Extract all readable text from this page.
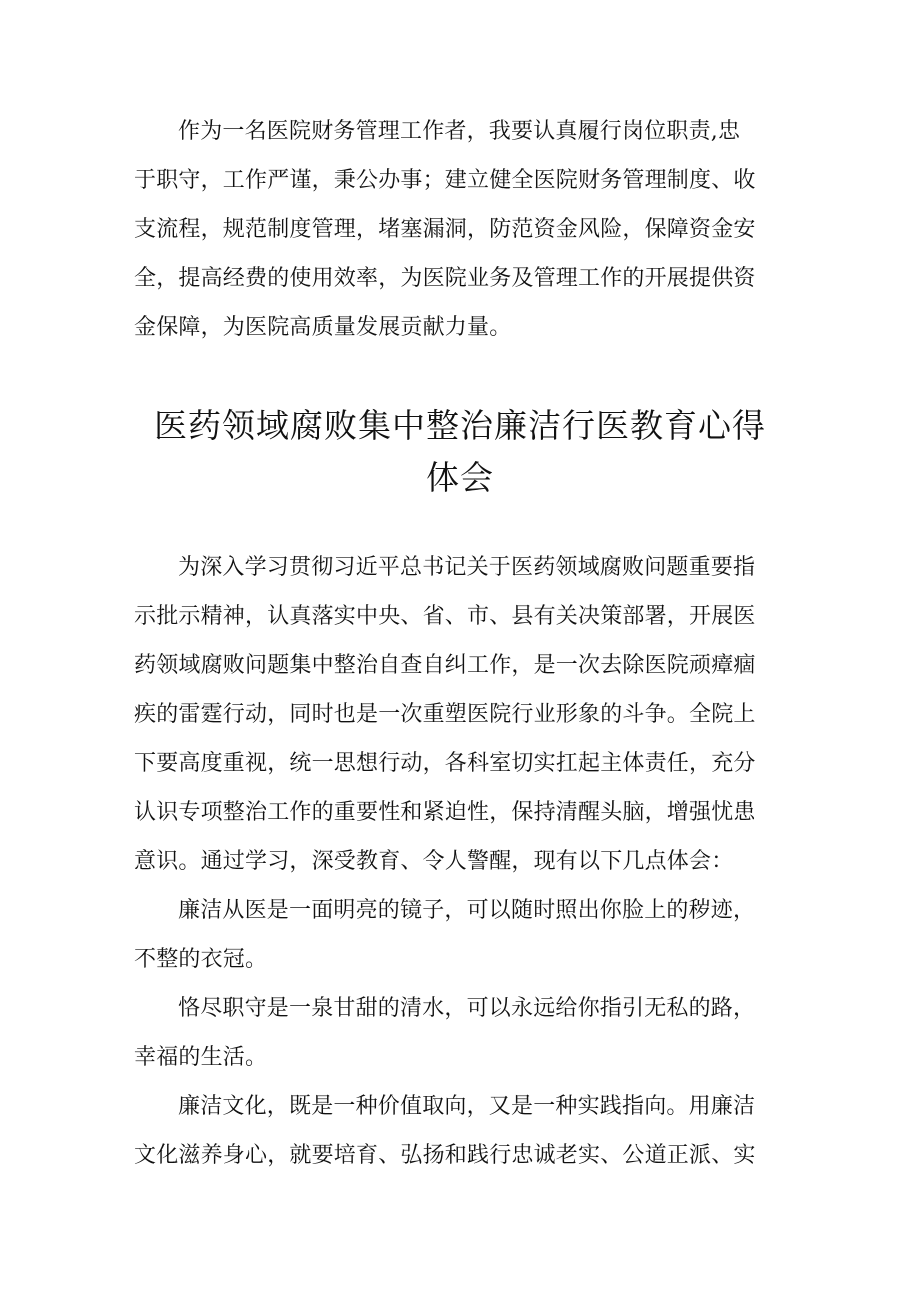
作为一名医院财务管理工作者，我要认真履行岗位职责,忠
于职守，工作严谨，秉公办事；建立健全医院财务管理制度、收
支流程，规范制度管理，堵塞漏洞，防范资金风险，保障资金安
全，提高经费的使用效率，为医院业务及管理工作的开展提供资
金保障，为医院高质量发展贡献力量。
医药领域腐败集中整治廉洁行医教育心得
体会
为深入学习贯彻习近平总书记关于医药领域腐败问题重要指
示批示精神，认真落实中央、省、市、县有关决策部署，开展医
药领域腐败问题集中整治自查自纠工作，是一次去除医院顽瘴痼
疾的雷霆行动，同时也是一次重塑医院行业形象的斗争。全院上
下要高度重视，统一思想行动，各科室切实扛起主体责任，充分
认识专项整治工作的重要性和紧迫性，保持清醒头脑，增强忧患
意识。通过学习，深受教育、令人警醒，现有以下几点体会：
廉洁从医是一面明亮的镜子，可以随时照出你脸上的秽迹，
不整的衣冠。
恪尽职守是一泉甘甜的清水，可以永远给你指引无私的路，
幸福的生活。
廉洁文化，既是一种价值取向，又是一种实践指向。用廉洁
文化滋养身心，就要培育、弘扬和践行忠诚老实、公道正派、实
